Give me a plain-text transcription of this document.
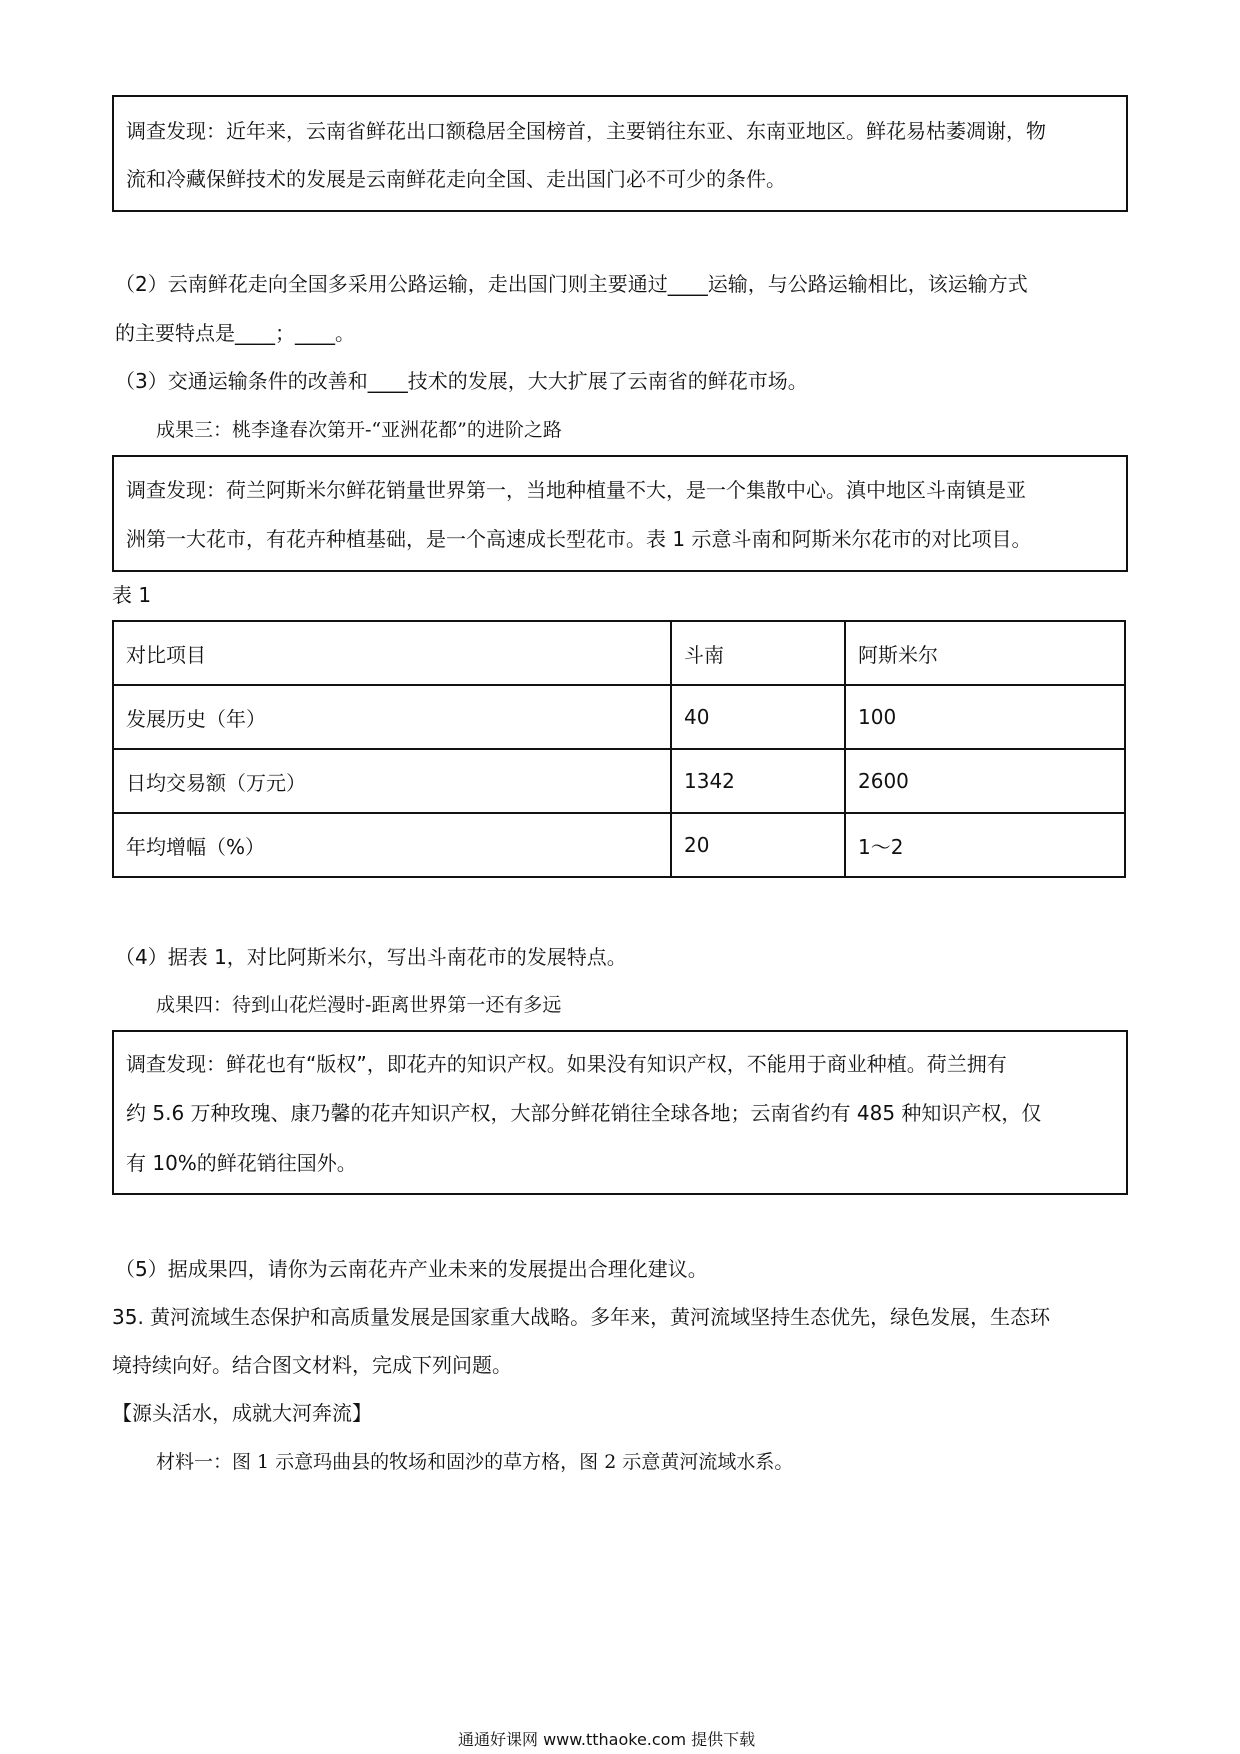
调查发现：近年来，云南省鲜花出口额稳居全国榜首，主要销往东亚、东南亚地区。鲜花易枯萎凋谢，物
流和冷藏保鲜技术的发展是云南鲜花走向全国、走出国门必不可少的条件。
（2）云南鲜花走向全国多采用公路运输，走出国门则主要通过____运输，与公路运输相比，该运输方式
的主要特点是____；____。
（3）交通运输条件的改善和____技术的发展，大大扩展了云南省的鲜花市场。
成果三：桃李逢春次第开-“亚洲花都”的进阶之路
调查发现：荷兰阿斯米尔鲜花销量世界第一，当地种植量不大，是一个集散中心。滇中地区斗南镇是亚
洲第一大花市，有花卉种植基础，是一个高速成长型花市。表 1 示意斗南和阿斯米尔花市的对比项目。
表 1
对比项目	斗南	阿斯米尔
发展历史（年）	40	100
日均交易额（万元）	1342	2600
年均增幅（%）	20	1～2
（4）据表 1，对比阿斯米尔，写出斗南花市的发展特点。
成果四：待到山花烂漫时-距离世界第一还有多远
调查发现：鲜花也有“版权”，即花卉的知识产权。如果没有知识产权，不能用于商业种植。荷兰拥有
约 5.6 万种玫瑰、康乃馨的花卉知识产权，大部分鲜花销往全球各地；云南省约有 485 种知识产权，仅
有 10%的鲜花销往国外。
（5）据成果四，请你为云南花卉产业未来的发展提出合理化建议。
35. 黄河流域生态保护和高质量发展是国家重大战略。多年来，黄河流域坚持生态优先，绿色发展，生态环
境持续向好。结合图文材料，完成下列问题。
【源头活水，成就大河奔流】
材料一：图 1 示意玛曲县的牧场和固沙的草方格，图 2 示意黄河流域水系。
通通好课网 www.tthaoke.com 提供下载
